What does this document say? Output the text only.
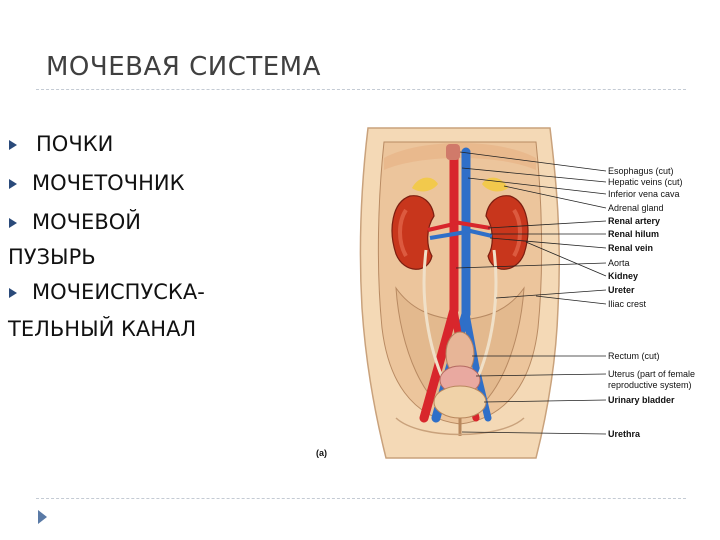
МОЧЕВАЯ СИСТЕМА
ПОЧКИ
МОЧЕТОЧНИК
МОЧЕВОЙ
ПУЗЫРЬ
МОЧЕИСПУСКА-
ТЕЛЬНЫЙ КАНАЛ
Esophagus (cut)
Hepatic veins (cut)
Inferior vena cava
Adrenal gland
Renal artery
Renal hilum
Renal vein
Aorta
Kidney
Ureter
Iliac crest
Rectum (cut)
Uterus (part of female
reproductive system)
Urinary bladder
Urethra
(a)
